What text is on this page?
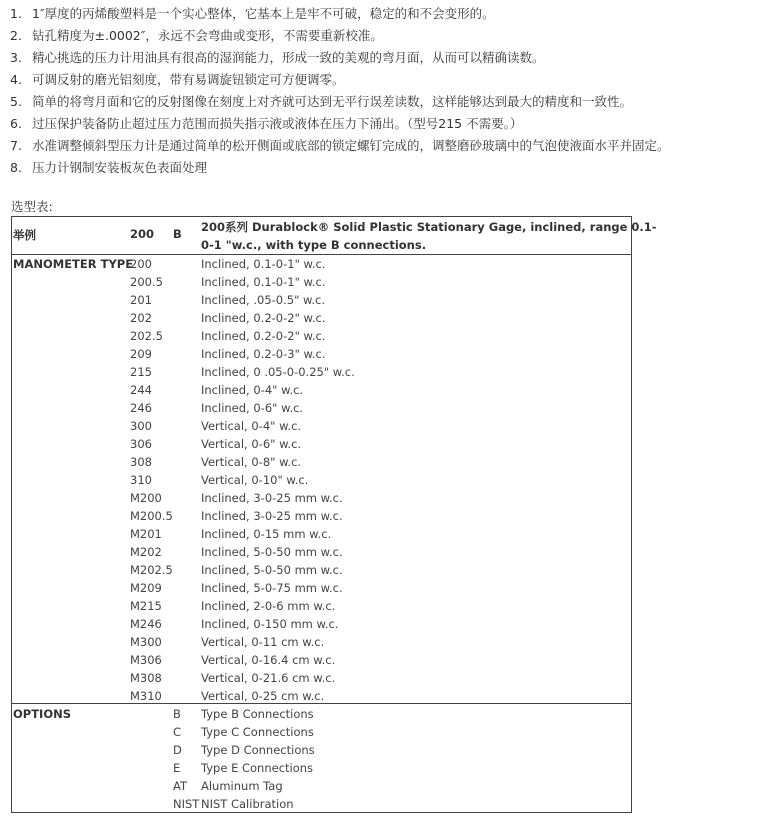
1. 1″厚度的丙烯酸塑料是一个实心整体，它基本上是牢不可破，稳定的和不会变形的。
2. 钻孔精度为±.0002″，永远不会弯曲或变形，不需要重新校准。
3. 精心挑选的压力计用油具有很高的湿润能力，形成一致的美观的弯月面，从而可以精确读数。
4. 可调反射的磨光铝刻度，带有易调旋钮锁定可方便调零。
5. 简单的将弯月面和它的反射图像在刻度上对齐就可达到无平行误差读数，这样能够达到最大的精度和一致性。
6. 过压保护装备防止超过压力范围而损失指示液或液体在压力下涌出。（型号215 不需要。）
7. 水准调整倾斜型压力计是通过简单的松开侧面或底部的锁定螺钉完成的，调整磨砂玻璃中的气泡使液面水平并固定。
8. 压力计钢制安装板灰色表面处理
选型表:
举例	200 B 200系列 Durablock® Solid Plastic Stationary Gage, inclined, range 0.1-
0-1 "w.c., with type B connections.
MANOMETER TYPE
200	Inclined, 0.1-0-1" w.c.
200.5	Inclined, 0.1-0-1" w.c.
201	Inclined, .05-0.5" w.c.
202	Inclined, 0.2-0-2" w.c.
202.5	Inclined, 0.2-0-2" w.c.
209	Inclined, 0.2-0-3" w.c.
215	Inclined, 0 .05-0-0.25" w.c.
244	Inclined, 0-4" w.c.
246	Inclined, 0-6" w.c.
300	Vertical, 0-4" w.c.
306	Vertical, 0-6" w.c.
308	Vertical, 0-8" w.c.
310	Vertical, 0-10" w.c.
M200	Inclined, 3-0-25 mm w.c.
M200.5 Inclined, 3-0-25 mm w.c.
M201	Inclined, 0-15 mm w.c.
M202	Inclined, 5-0-50 mm w.c.
M202.5 Inclined, 5-0-50 mm w.c.
M209	Inclined, 5-0-75 mm w.c.
M215	Inclined, 2-0-6 mm w.c.
M246	Inclined, 0-150 mm w.c.
M300	Vertical, 0-11 cm w.c.
M306	Vertical, 0-16.4 cm w.c.
M308	Vertical, 0-21.6 cm w.c.
M310	Vertical, 0-25 cm w.c.
OPTIONS	B Type B Connections
C Type C Connections
D Type D Connections
E Type E Connections
AT Aluminum Tag
NIST NIST Calibration
